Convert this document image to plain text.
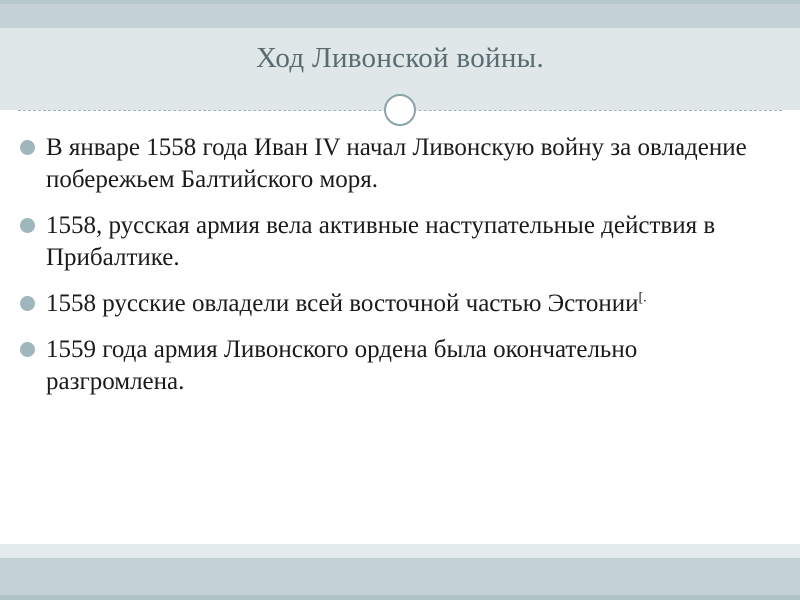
Ход Ливонской войны.
В январе 1558 года Иван IV начал Ливонскую войну за овладение побережьем Балтийского моря.
1558, русская армия вела активные наступательные действия в Прибалтике.
1558 русские овладели всей восточной частью Эстонии[.
1559 года армия Ливонского ордена была окончательно разгромлена.
